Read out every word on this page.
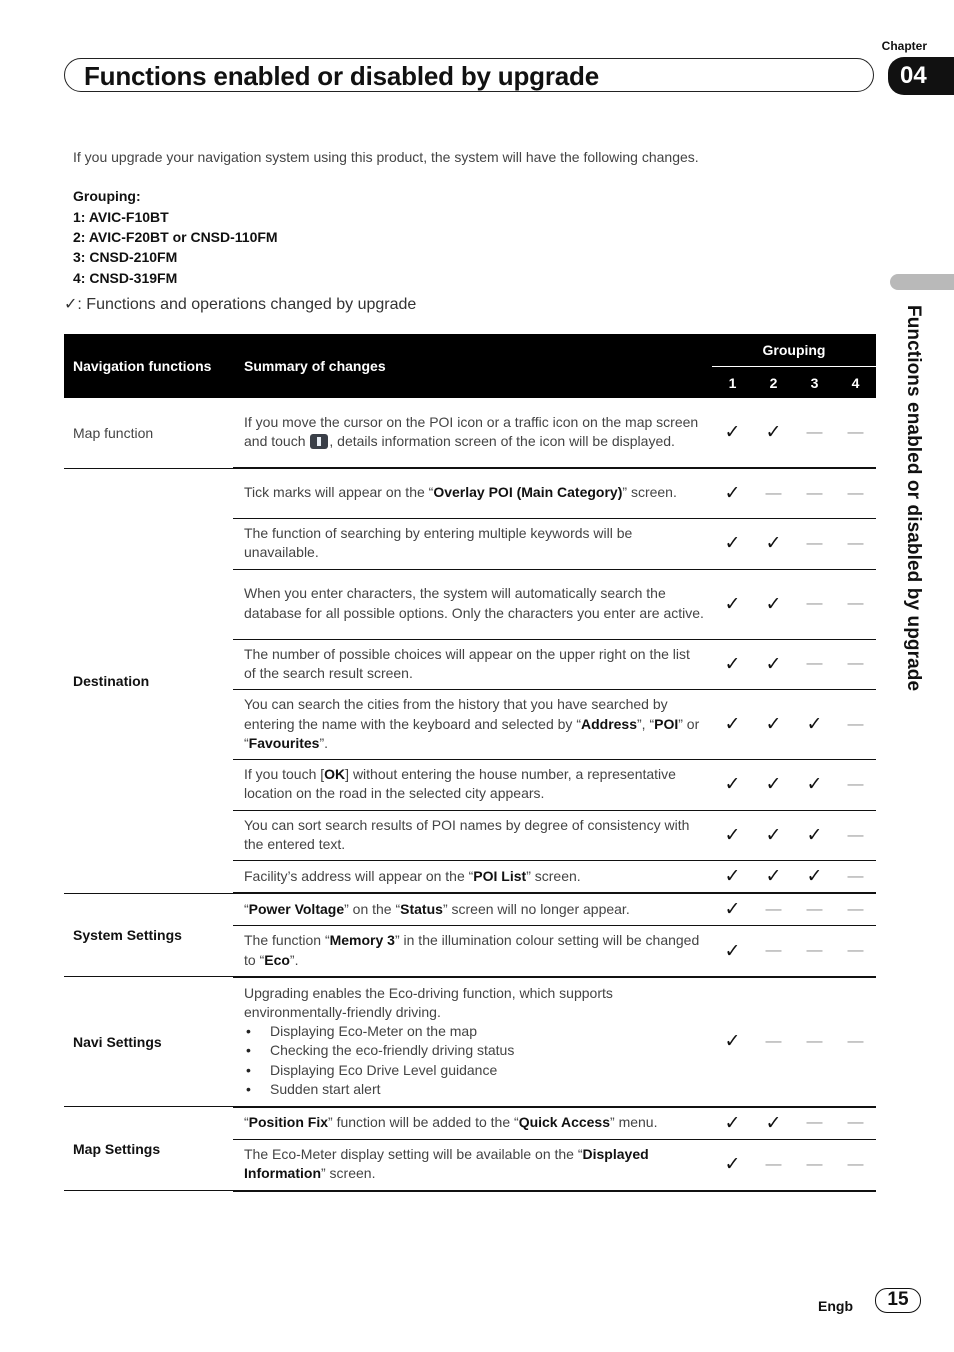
Chapter
Functions enabled or disabled by upgrade	04
Functions enabled or disabled by upgrade
If you upgrade your navigation system using this product, the system will have the following changes.
Grouping:
1: AVIC-F10BT
2: AVIC-F20BT or CNSD-110FM
3: CNSD-210FM
4: CNSD-319FM
✓: Functions and operations changed by upgrade
Navigation functions	Summary of changes	Grouping			
		1	2	3	4
Map function	If you move the cursor on the POI icon or a traffic icon on the map screen and touch , details information screen of the icon will be displayed.	✓	✓	—	—
Destination	Tick marks will appear on the “Overlay POI (Main Category)” screen.	✓	—	—	—
	The function of searching by entering multiple keywords will be unavailable.	✓	✓	—	—
	When you enter characters, the system will automatically search the database for all possible options. Only the characters you enter are active.	✓	✓	—	—
	The number of possible choices will appear on the upper right on the list of the search result screen.	✓	✓	—	—
	You can search the cities from the history that you have searched by entering the name with the keyboard and selected by “Address”, “POI” or “Favourites”.	✓	✓	✓	—
	If you touch [OK] without entering the house number, a representative location on the road in the selected city appears.	✓	✓	✓	—
	You can sort search results of POI names by degree of consistency with the entered text.	✓	✓	✓	—
	Facility’s address will appear on the “POI List” screen.	✓	✓	✓	—
System Settings	“Power Voltage” on the “Status” screen will no longer appear.	✓	—	—	—
	The function “Memory 3” in the illumination colour setting will be changed to “Eco”.	✓	—	—	—
Navi Settings	Upgrading enables the Eco-driving function, which supports environmentally-friendly driving.
• Displaying Eco-Meter on the map
• Checking the eco-friendly driving status
• Displaying Eco Drive Level guidance
• Sudden start alert	✓	—	—	—
Map Settings	“Position Fix” function will be added to the “Quick Access” menu.	✓	✓	—	—
	The Eco-Meter display setting will be available on the “Displayed Information” screen.	✓	—	—	—
Engb	15
